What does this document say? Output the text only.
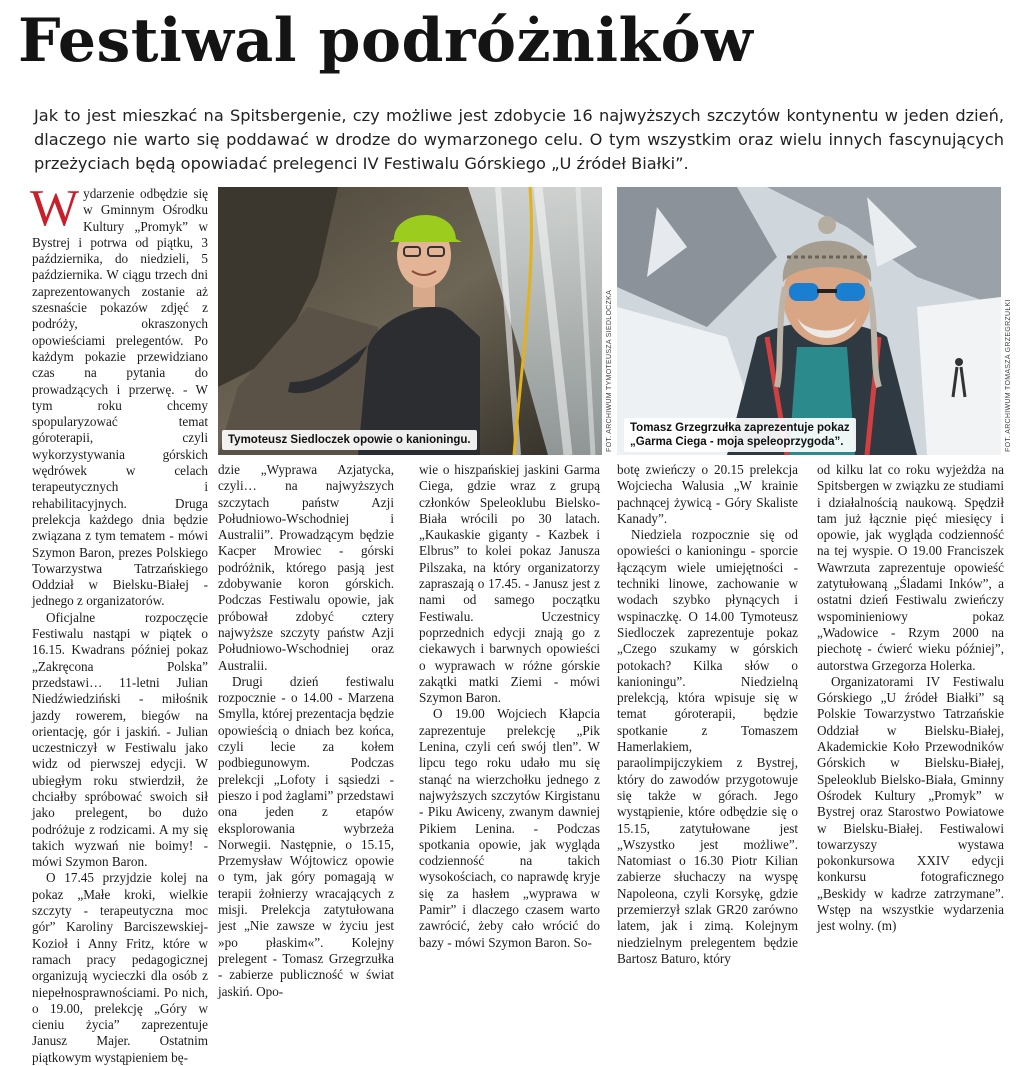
Festiwal podróżników
Jak to jest mieszkać na Spitsbergenie, czy możliwe jest zdobycie 16 najwyższych szczytów kontynentu w jeden dzień, dlaczego nie warto się poddawać w drodze do wymarzonego celu. O tym wszystkim oraz wielu innych fascynujących przeżyciach będą opowiadać prelegenci IV Festiwalu Górskiego „U źródeł Białki”.

Wydarzenie odbędzie się w Gminnym Ośrodku Kultury „Promyk” w Bystrej i potrwa od piątku, 3 października, do niedzieli, 5 października. W ciągu trzech dni zaprezentowanych zostanie aż szesnaście pokazów zdjęć z podróży, okraszonych opowieściami prelegentów. Po każdym pokazie przewidziano czas na pytania do prowadzących i przerwę. - W tym roku chcemy spopularyzować temat góroterapii, czyli wykorzystywania górskich wędrówek w celach terapeutycznych i rehabilitacyjnych. Druga prelekcja każdego dnia będzie związana z tym tematem - mówi Szymon Baron, prezes Polskiego Towarzystwa Tatrzańskiego Oddział w Bielsku-Białej - jednego z organizatorów.

Oficjalne rozpoczęcie Festiwalu nastąpi w piątek o 16.15. Kwadrans później pokaz „Zakręcona Polska” przedstawi… 11-letni Julian Niedźwiedziński - miłośnik jazdy rowerem, biegów na orientację, gór i jaskiń. - Julian uczestniczył w Festiwalu jako widz od pierwszej edycji. W ubiegłym roku stwierdził, że chciałby spróbować swoich sił jako prelegent, bo dużo podróżuje z rodzicami. A my się takich wyzwań nie boimy! - mówi Szymon Baron.

O 17.45 przyjdzie kolej na pokaz „Małe kroki, wielkie szczyty - terapeutyczna moc gór” Karoliny Barciszewskiej-Kozioł i Anny Fritz, które w ramach pracy pedagogicznej organizują wycieczki dla osób z niepełnosprawnościami. Po nich, o 19.00, prelekcję „Góry w cieniu życia” zaprezentuje Janusz Majer. Ostatnim piątkowym wystąpieniem bę-

Tymoteusz Siedloczek opowie o kanioningu.	FOT. ARCHIWUM TYMOTEUSZA SIEDLOCZKA Tomasz Grzegrzułka zaprezentuje pokaz
„Garma Ciega - moja speleoprzygoda”.	FOT. ARCHIWUM TOMASZA GRZEGRZUŁKI

dzie „Wyprawa Azjatycka, czyli… na najwyższych szczytach państw Azji Południowo-Wschodniej i Australii”. Prowadzącym będzie Kacper Mrowiec - górski podróżnik, którego pasją jest zdobywanie koron górskich. Podczas Festiwalu opowie, jak próbował zdobyć cztery najwyższe szczyty państw Azji Południowo-Wschodniej oraz Australii.

Drugi dzień festiwalu rozpocznie - o 14.00 - Marzena Smylla, której prezentacja będzie opowieścią o dniach bez końca, czyli lecie za kołem podbiegunowym. Podczas prelekcji „Lofoty i sąsiedzi - pieszo i pod żaglami” przedstawi ona jeden z etapów eksplorowania wybrzeża Norwegii. Następnie, o 15.15, Przemysław Wójtowicz opowie o tym, jak góry pomagają w terapii żołnierzy wracających z misji. Prelekcja zatytułowana jest „Nie zawsze w życiu jest »po płaskim«”. Kolejny prelegent - Tomasz Grzegrzułka - zabierze publiczność w świat jaskiń. Opo-

wie o hiszpańskiej jaskini Garma Ciega, gdzie wraz z grupą członków Speleoklubu Bielsko-Biała wrócili po 30 latach. „Kaukaskie giganty - Kazbek i Elbrus” to kolei pokaz Janusza Pilszaka, na który organizatorzy zapraszają o 17.45. - Janusz jest z nami od samego początku Festiwalu. Uczestnicy poprzednich edycji znają go z ciekawych i barwnych opowieści o wyprawach w różne górskie zakątki matki Ziemi - mówi Szymon Baron.

O 19.00 Wojciech Kłapcia zaprezentuje prelekcję „Pik Lenina, czyli ceń swój tlen”. W lipcu tego roku udało mu się stanąć na wierzchołku jednego z najwyższych szczytów Kirgistanu - Piku Awiceny, zwanym dawniej Pikiem Lenina. - Podczas spotkania opowie, jak wygląda codzienność na takich wysokościach, co naprawdę kryje się za hasłem „wyprawa w Pamir” i dlaczego czasem warto zawrócić, żeby cało wrócić do bazy - mówi Szymon Baron. So-

botę zwieńczy o 20.15 prelekcja Wojciecha Walusia „W krainie pachnącej żywicą - Góry Skaliste Kanady”.

Niedziela rozpocznie się od opowieści o kanioningu - sporcie łączącym wiele umiejętności - techniki linowe, zachowanie w wodach szybko płynących i wspinaczkę. O 14.00 Tymoteusz Siedloczek zaprezentuje pokaz „Czego szukamy w górskich potokach? Kilka słów o kanioningu”. Niedzielną prelekcją, która wpisuje się w temat góroterapii, będzie spotkanie z Tomaszem Hamerlakiem, paraolimpijczykiem z Bystrej, który do zawodów przygotowuje się także w górach. Jego wystąpienie, które odbędzie się o 15.15, zatytułowane jest „Wszystko jest możliwe”. Natomiast o 16.30 Piotr Kilian zabierze słuchaczy na wyspę Napoleona, czyli Korsykę, gdzie przemierzył szlak GR20 zarówno latem, jak i zimą. Kolejnym niedzielnym prelegentem będzie Bartosz Baturo, który

od kilku lat co roku wyjeżdża na Spitsbergen w związku ze studiami i działalnością naukową. Spędził tam już łącznie pięć miesięcy i opowie, jak wygląda codzienność na tej wyspie. O 19.00 Franciszek Wawrzuta zaprezentuje opowieść zatytułowaną „Śladami Inków”, a ostatni dzień Festiwalu zwieńczy wspominieniowy pokaz „Wadowice - Rzym 2000 na piechotę - ćwierć wieku później”, autorstwa Grzegorza Holerka.

Organizatorami IV Festiwalu Górskiego „U źródeł Białki” są Polskie Towarzystwo Tatrzańskie Oddział w Bielsku-Białej, Akademickie Koło Przewodników Górskich w Bielsku-Białej, Speleoklub Bielsko-Biała, Gminny Ośrodek Kultury „Promyk” w Bystrej oraz Starostwo Powiatowe w Bielsku-Białej. Festiwalowi towarzyszy wystawa pokonkursowa XXIV edycji konkursu fotograficznego „Beskidy w kadrze zatrzymane”. Wstęp na wszystkie wydarzenia jest wolny. (m)
